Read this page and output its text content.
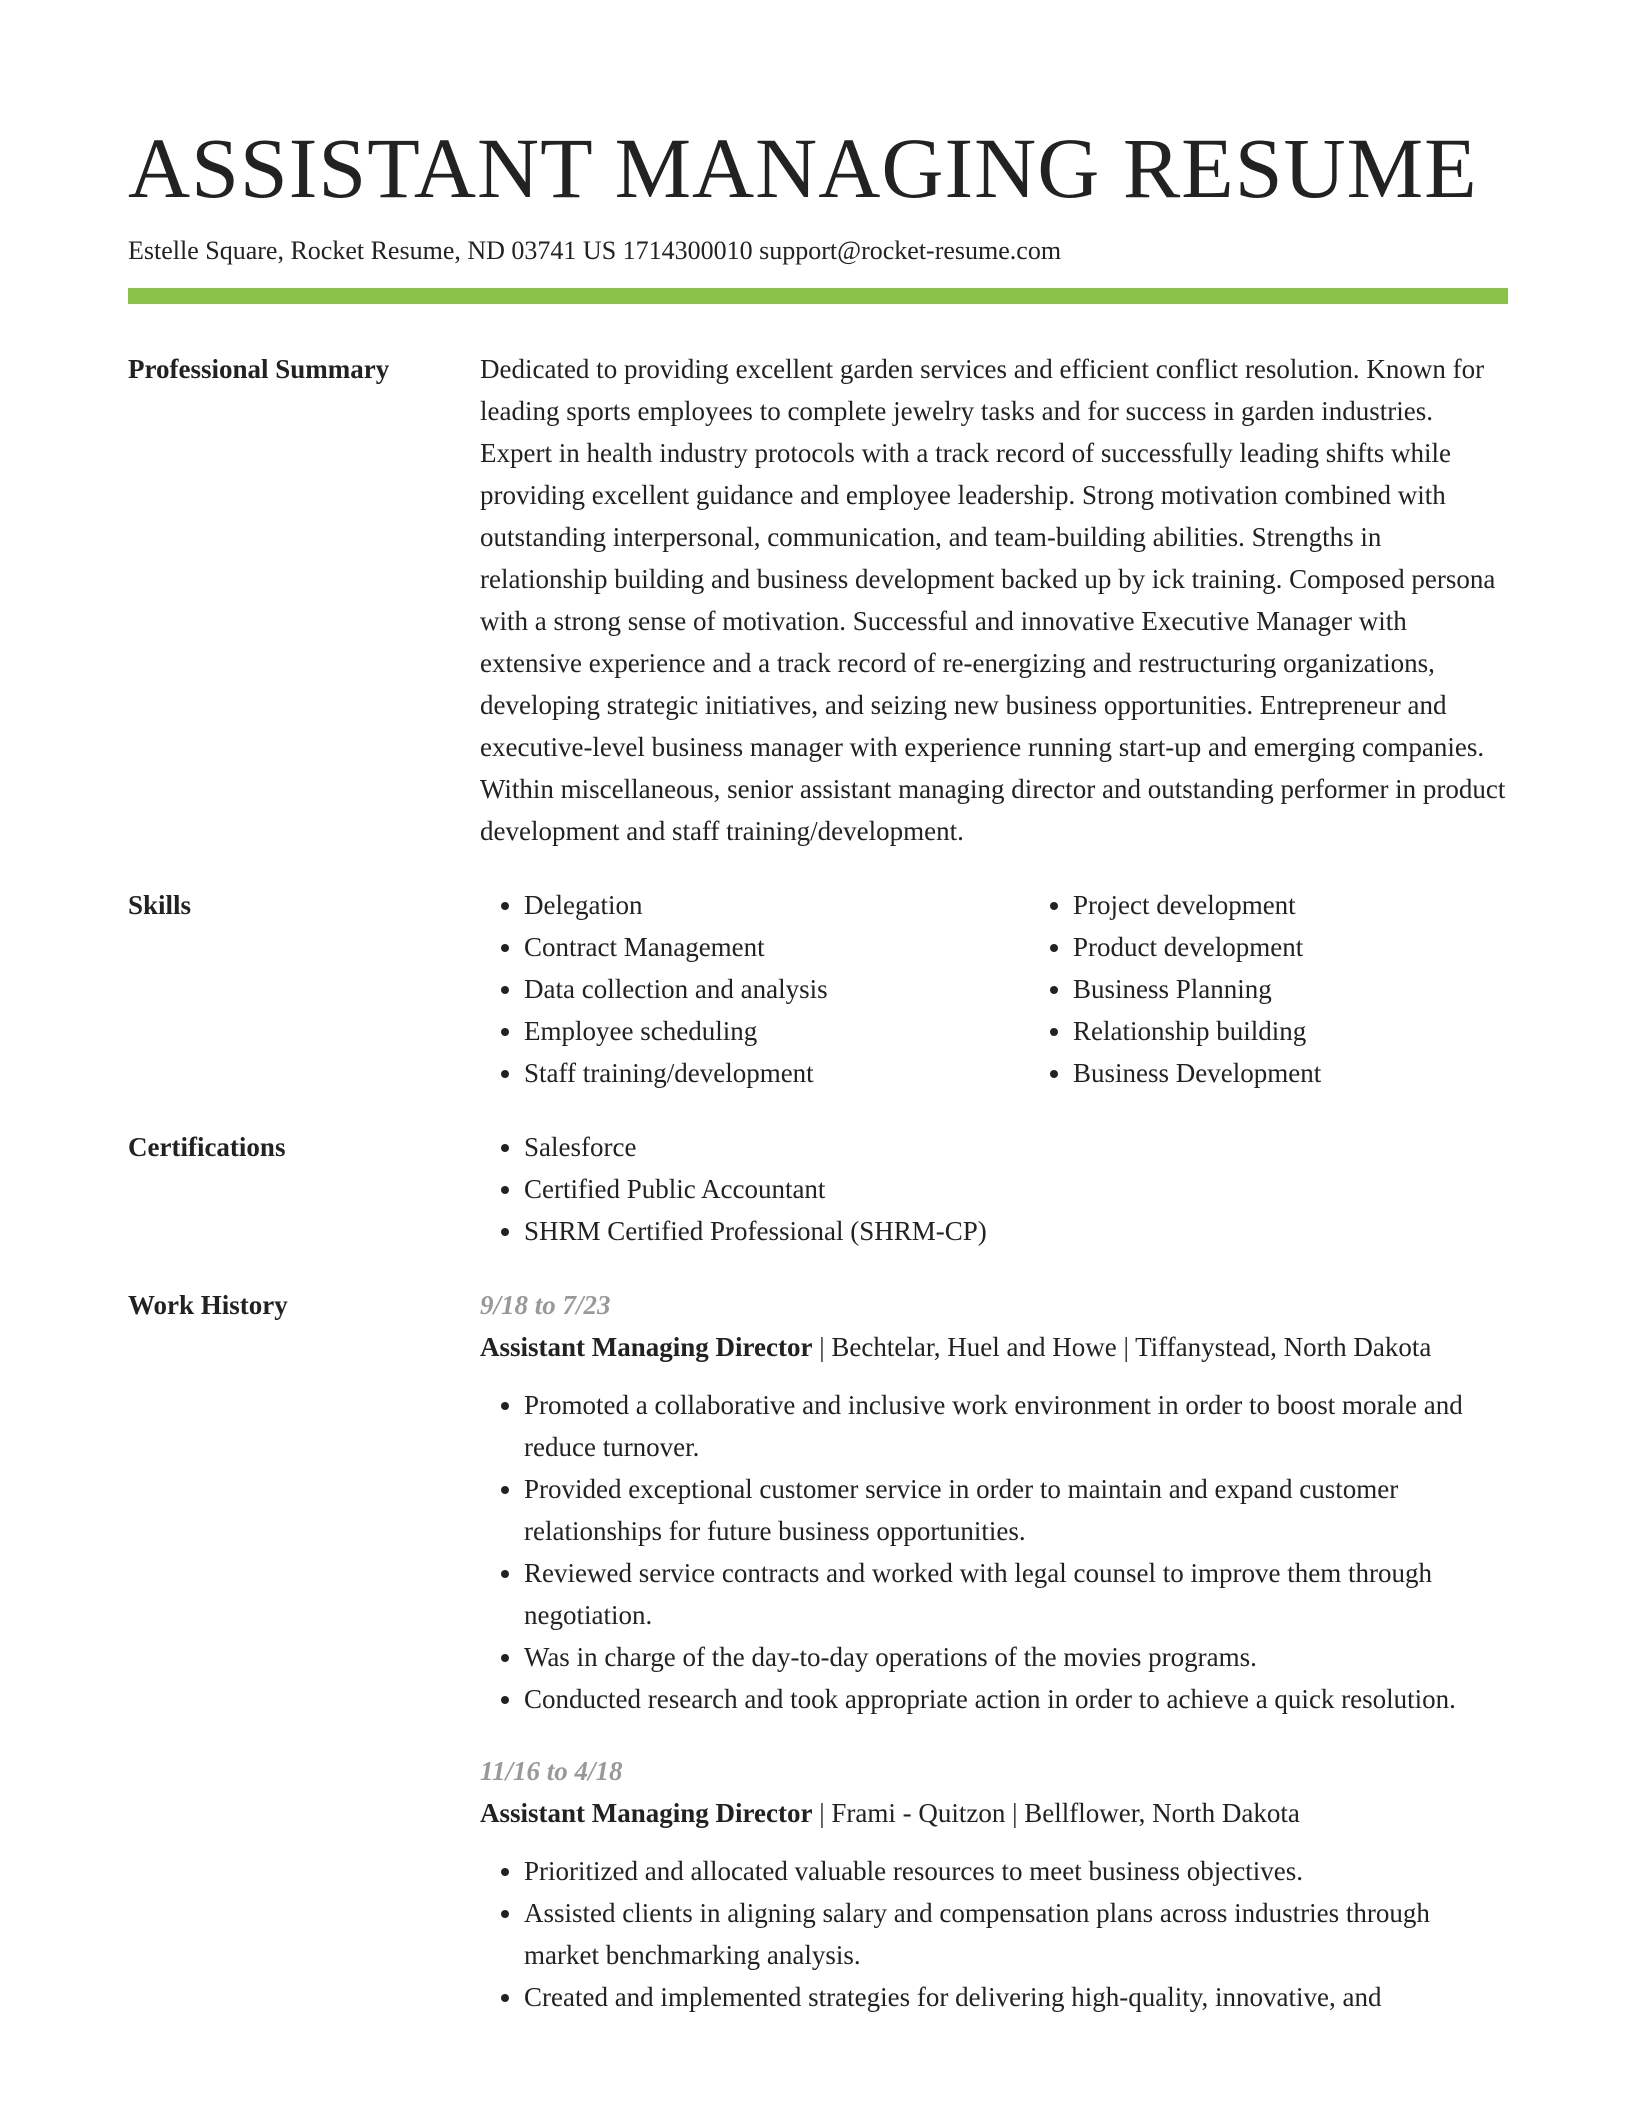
ASSISTANT MANAGING RESUME
Estelle Square, Rocket Resume, ND 03741 US 1714300010 support@rocket-resume.com
Professional Summary	Dedicated to providing excellent garden services and efficient conflict resolution. Known for leading sports employees to complete jewelry tasks and for success in garden industries. Expert in health industry protocols with a track record of successfully leading shifts while providing excellent guidance and employee leadership. Strong motivation combined with outstanding interpersonal, communication, and team-building abilities. Strengths in relationship building and business development backed up by ick training. Composed persona with a strong sense of motivation. Successful and innovative Executive Manager with extensive experience and a track record of re-energizing and restructuring organizations, developing strategic initiatives, and seizing new business opportunities. Entrepreneur and executive-level business manager with experience running start-up and emerging companies. Within miscellaneous, senior assistant managing director and outstanding performer in product development and staff training/development.

Skills	• Delegation
• Contract Management
• Data collection and analysis
• Employee scheduling
• Staff training/development
• Project development
• Product development
• Business Planning
• Relationship building
• Business Development
Certifications	• Salesforce
• Certified Public Accountant
• SHRM Certified Professional (SHRM-CP)
Work History	9/18 to 7/23
Assistant Managing Director | Bechtelar, Huel and Howe | Tiffanystead, North Dakota
• Promoted a collaborative and inclusive work environment in order to boost morale and reduce turnover.
• Provided exceptional customer service in order to maintain and expand customer relationships for future business opportunities.
• Reviewed service contracts and worked with legal counsel to improve them through negotiation.
• Was in charge of the day-to-day operations of the movies programs.
• Conducted research and took appropriate action in order to achieve a quick resolution.
11/16 to 4/18
Assistant Managing Director | Frami - Quitzon | Bellflower, North Dakota
• Prioritized and allocated valuable resources to meet business objectives.
• Assisted clients in aligning salary and compensation plans across industries through market benchmarking analysis.
• Created and implemented strategies for delivering high-quality, innovative, and
